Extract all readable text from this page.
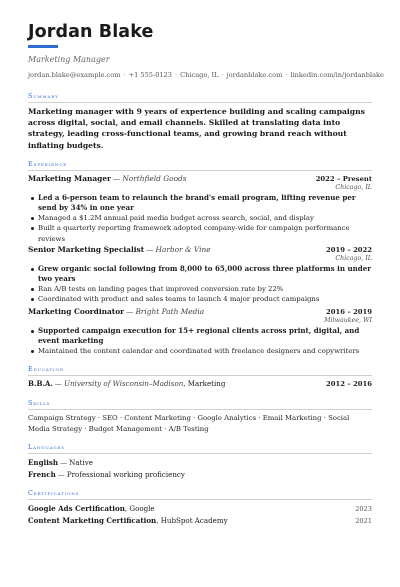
Jordan Blake
Marketing Manager
jordan.blake@example.com · +1 555-0123 · Chicago, IL · jordanblake.com · linkedin.com/in/jordanblake
Summary
Marketing manager with 9 years of experience building and scaling campaigns across digital, social, and email channels. Skilled at translating data into strategy, leading cross-functional teams, and growing brand reach without inflating budgets.
Experience
Marketing Manager — Northfield Goods	2022 – Present
Chicago, IL
Led a 6-person team to relaunch the brand's email program, lifting revenue per send by 34% in one year
Managed a $1.2M annual paid media budget across search, social, and display
Built a quarterly reporting framework adopted company-wide for campaign performance reviews
Senior Marketing Specialist — Harbor & Vine	2019 – 2022
Chicago, IL
Grew organic social following from 8,000 to 65,000 across three platforms in under two years
Ran A/B tests on landing pages that improved conversion rate by 22%
Coordinated with product and sales teams to launch 4 major product campaigns
Marketing Coordinator — Bright Path Media	2016 – 2019
Milwaukee, WI
Supported campaign execution for 15+ regional clients across print, digital, and event marketing
Maintained the content calendar and coordinated with freelance designers and copywriters
Education
B.B.A. — University of Wisconsin–Madison, Marketing	2012 – 2016
Skills
Campaign Strategy · SEO · Content Marketing · Google Analytics · Email Marketing · Social Media Strategy · Budget Management · A/B Testing
Languages
English — Native
French — Professional working proficiency
Certifications
Google Ads Certification, Google	2023
Content Marketing Certification, HubSpot Academy	2021
